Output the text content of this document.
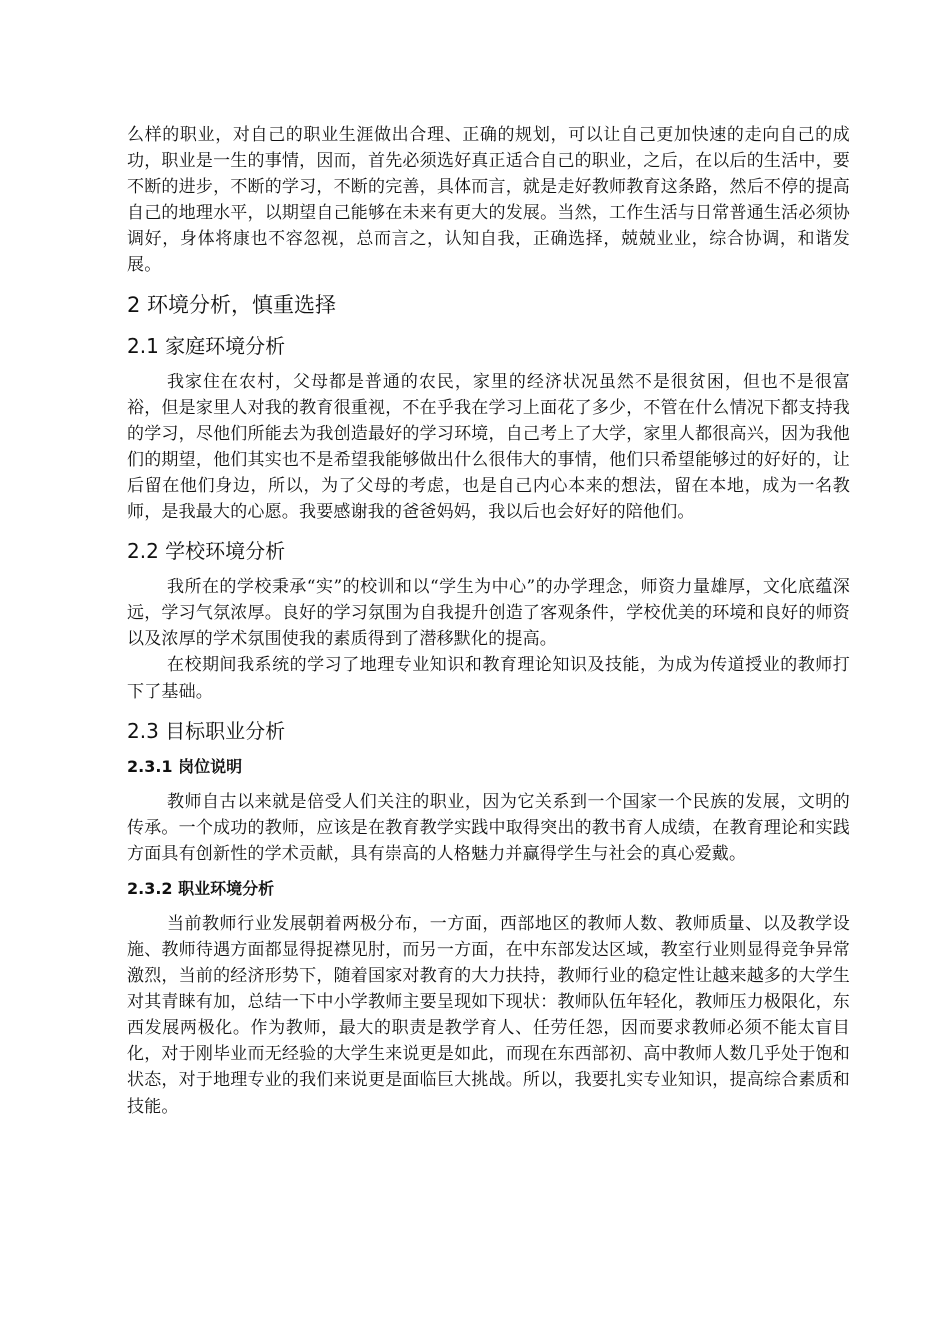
么样的职业，对自己的职业生涯做出合理、正确的规划，可以让自己更加快速的走向自己的成功，职业是一生的事情，因而，首先必须选好真正适合自己的职业，之后，在以后的生活中，要不断的进步，不断的学习，不断的完善，具体而言，就是走好教师教育这条路，然后不停的提高自己的地理水平，以期望自己能够在未来有更大的发展。当然，工作生活与日常普通生活必须协调好，身体将康也不容忽视，总而言之，认知自我，正确选择，兢兢业业，综合协调，和谐发展。

2 环境分析，慎重选择
2.1 家庭环境分析

我家住在农村，父母都是普通的农民，家里的经济状况虽然不是很贫困，但也不是很富裕，但是家里人对我的教育很重视，不在乎我在学习上面花了多少，不管在什么情况下都支持我的学习，尽他们所能去为我创造最好的学习环境，自己考上了大学，家里人都很高兴，因为我他们的期望，他们其实也不是希望我能够做出什么很伟大的事情，他们只希望能够过的好好的，让后留在他们身边，所以，为了父母的考虑，也是自己内心本来的想法，留在本地，成为一名教师，是我最大的心愿。我要感谢我的爸爸妈妈，我以后也会好好的陪他们。

2.2 学校环境分析

我所在的学校秉承“实”的校训和以“学生为中心”的办学理念，师资力量雄厚，文化底蕴深远，学习气氛浓厚。良好的学习氛围为自我提升创造了客观条件，学校优美的环境和良好的师资以及浓厚的学术氛围使我的素质得到了潜移默化的提高。

在校期间我系统的学习了地理专业知识和教育理论知识及技能，为成为传道授业的教师打下了基础。

2.3 目标职业分析
2.3.1 岗位说明

教师自古以来就是倍受人们关注的职业，因为它关系到一个国家一个民族的发展，文明的传承。一个成功的教师，应该是在教育教学实践中取得突出的教书育人成绩，在教育理论和实践方面具有创新性的学术贡献，具有崇高的人格魅力并赢得学生与社会的真心爱戴。

2.3.2 职业环境分析

当前教师行业发展朝着两极分布，一方面，西部地区的教师人数、教师质量、以及教学设施、教师待遇方面都显得捉襟见肘，而另一方面，在中东部发达区域，教室行业则显得竞争异常激烈，当前的经济形势下，随着国家对教育的大力扶持，教师行业的稳定性让越来越多的大学生对其青睐有加，总结一下中小学教师主要呈现如下现状：教师队伍年轻化，教师压力极限化，东西发展两极化。作为教师，最大的职责是教学育人、任劳任怨，因而要求教师必须不能太盲目化，对于刚毕业而无经验的大学生来说更是如此，而现在东西部初、高中教师人数几乎处于饱和状态，对于地理专业的我们来说更是面临巨大挑战。所以，我要扎实专业知识，提高综合素质和技能。
